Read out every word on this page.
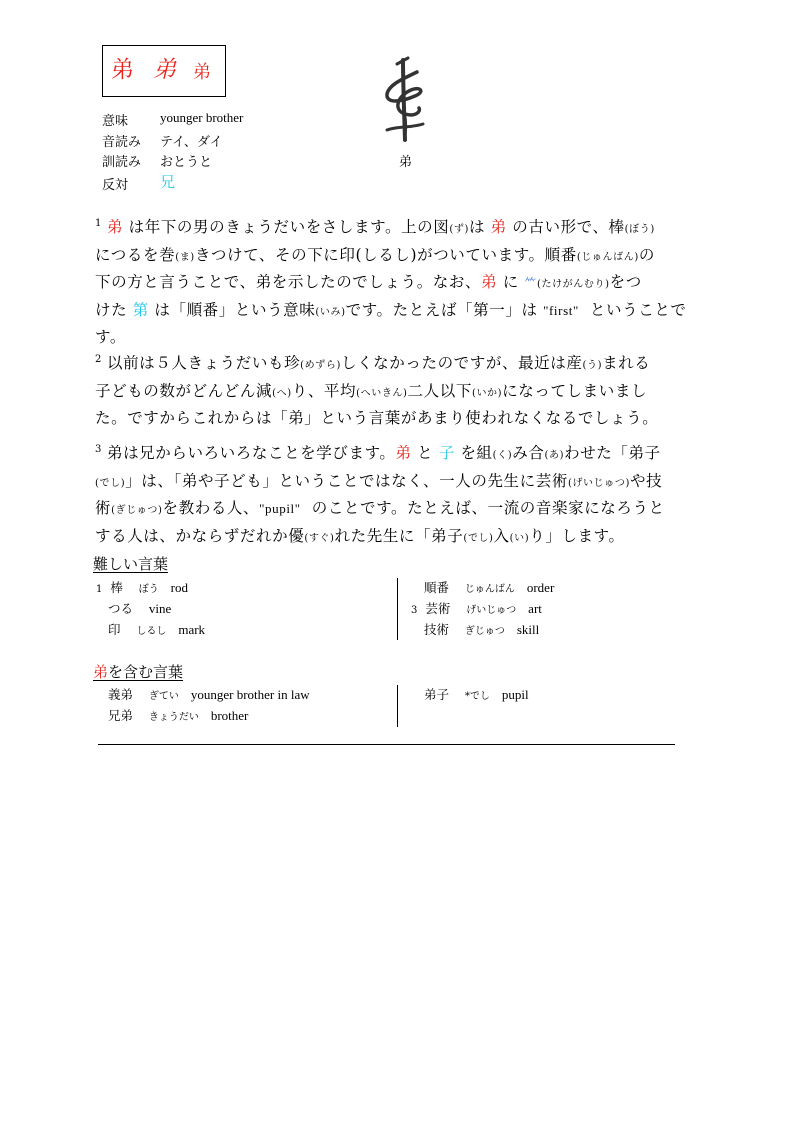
弟 弟 弟
弟
意味 younger brother
音読み テイ、ダイ
訓読み おとうと
反対 兄

$^1$ 弟 は年下の男のきょうだいをさします。上の図(ず)は 弟 の古い形で、棒(ぼう)

につるを巻(ま)きつけて、その下に印(しるし)がついています。順番(じゅんばん)の

下の方と言うことで、弟を示したのでしょう。なお、弟 に ⺮(たけがんむり)をつ

けた 第 は「順番」という意味(いみ)です。たとえば「第一」は "first" ということで

す。

$^2$ 以前は５人きょうだいも珍(めずら)しくなかったのですが、最近は産(う)まれる

子どもの数がどんどん減(へ)り、平均(へいきん)二人以下(いか)になってしまいまし

た。ですからこれからは「弟」という言葉があまり使われなくなるでしょう。

$^3$ 弟は兄からいろいろなことを学びます。弟 と 子 を組(く)み合(あ)わせた「弟子

(でし)」は、「弟や子ども」ということではなく、一人の先生に芸術(げいじゅつ)や技

術(ぎじゅつ)を教わる人、"pupil" のことです。たとえば、一流の音楽家になろうと

する人は、かならずだれか優(すぐ)れた先生に「弟子(でし)入(い)り」します。

難しい言葉
1 棒 ぼう rod
つる vine
印 しるし mark
順番 じゅんばん order
3 芸術 げいじゅつ art
技術 ぎじゅつ skill
弟を含む言葉
義弟 ぎてい younger brother in law
兄弟 きょうだい brother
弟子 *でし pupil
